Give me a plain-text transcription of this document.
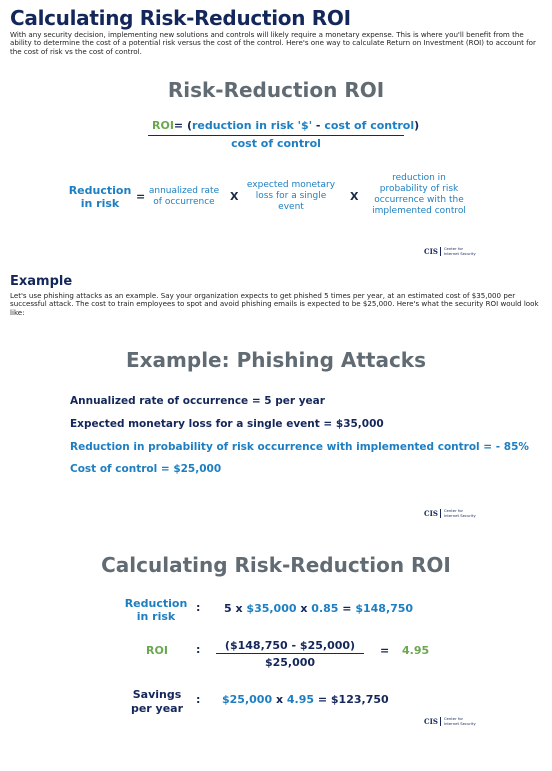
Calculating Risk-Reduction ROI

With any security decision, implementing new solutions and controls will likely require a monetary expense. This is where you'll benefit from the ability to determine the cost of a potential risk versus the cost of the control. Here's one way to calculate Return on Investment (ROI) to account for the cost of risk vs the cost of control.

Risk-Reduction ROI
ROI= (reduction in risk '$' - cost of control)
cost of control
Reduction
in risk
= annualized rate
of occurrence	X
expected monetary
loss for a single
event
X
reduction in
probability of risk
occurrence with the
implemented control
CIS	Center for
Internet Security
Example

Let's use phishing attacks as an example. Say your organization expects to get phished 5 times per year, at an estimated cost of $35,000 per successful attack. The cost to train employees to spot and avoid phishing emails is expected to be $25,000. Here's what the security ROI would look like:

Example: Phishing Attacks
Annualized rate of occurrence = 5 per year
Expected monetary loss for a single event = $35,000
Reduction in probability of risk occurrence with implemented control = - 85%
Cost of control = $25,000
CIS	Center for
Internet Security
Calculating Risk-Reduction ROI
Reduction
in risk
: 5 x $35,000 x 0.85 = $148,750
ROI	:	($148,750 - $25,000)
$25,000
= 4.95
Savings
per year
: $25,000 x 4.95 = $123,750
CIS	Center for
Internet Security
